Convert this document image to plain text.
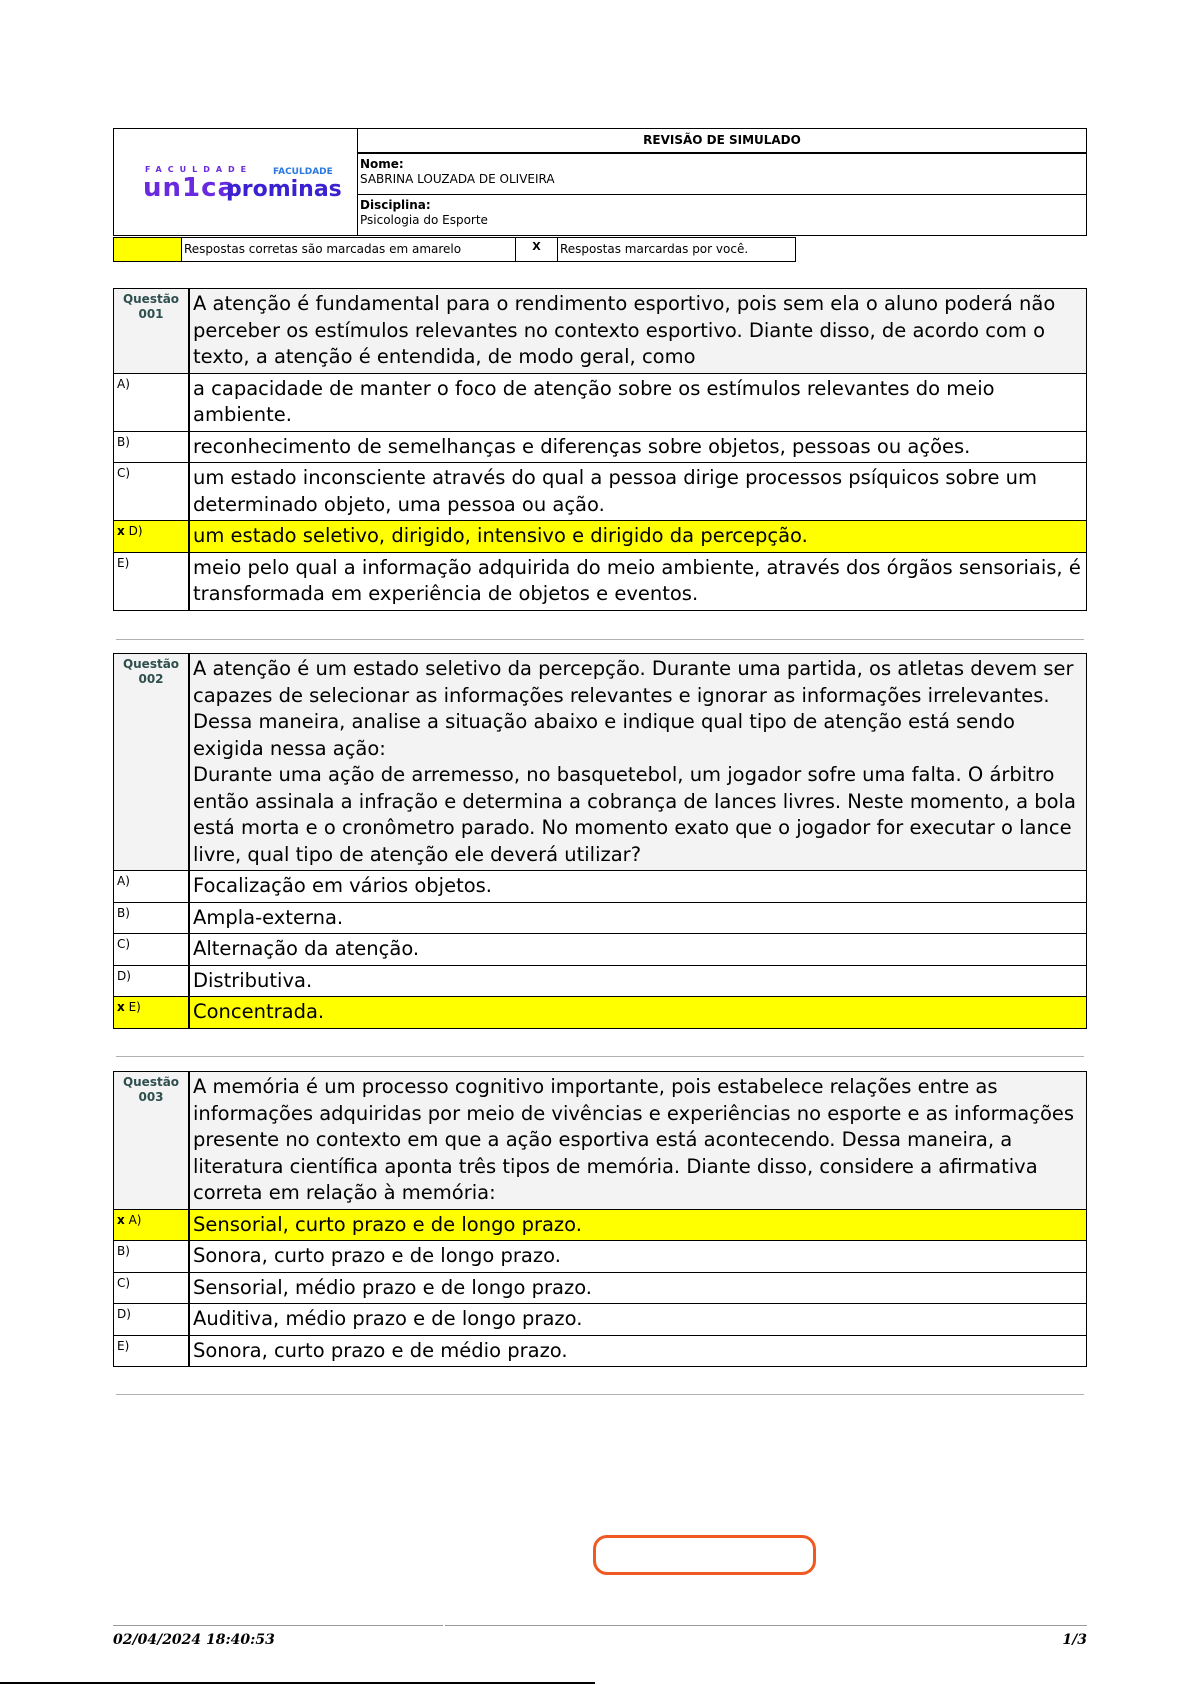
FACULDADE
un1ca
FACULDADE
prominas
REVISÃO DE SIMULADO
Nome:
SABRINA LOUZADA DE OLIVEIRA
Disciplina:
Psicologia do Esporte
Respostas corretas são marcadas em amarelo	X	Respostas marcardas por você.
Questão
001	A atenção é fundamental para o rendimento esportivo, pois sem ela o aluno poderá não perceber os estímulos relevantes no contexto esportivo. Diante disso, de acordo com o texto, a atenção é entendida, de modo geral, como
A)	a capacidade de manter o foco de atenção sobre os estímulos relevantes do meio ambiente.
B)	reconhecimento de semelhanças e diferenças sobre objetos, pessoas ou ações.
C)	um estado inconsciente através do qual a pessoa dirige processos psíquicos sobre um determinado objeto, uma pessoa ou ação.
x D)	um estado seletivo, dirigido, intensivo e dirigido da percepção.
E)	meio pelo qual a informação adquirida do meio ambiente, através dos órgãos sensoriais, é transformada em experiência de objetos e eventos.
Questão
002	A atenção é um estado seletivo da percepção. Durante uma partida, os atletas devem ser capazes de selecionar as informações relevantes e ignorar as informações irrelevantes. Dessa maneira, analise a situação abaixo e indique qual tipo de atenção está sendo exigida nessa ação:
Durante uma ação de arremesso, no basquetebol, um jogador sofre uma falta. O árbitro então assinala a infração e determina a cobrança de lances livres. Neste momento, a bola está morta e o cronômetro parado. No momento exato que o jogador for executar o lance livre, qual tipo de atenção ele deverá utilizar?
A)	Focalização em vários objetos.
B)	Ampla-externa.
C)	Alternação da atenção.
D)	Distributiva.
x E)	Concentrada.
Questão
003	A memória é um processo cognitivo importante, pois estabelece relações entre as informações adquiridas por meio de vivências e experiências no esporte e as informações presente no contexto em que a ação esportiva está acontecendo. Dessa maneira, a literatura científica aponta três tipos de memória. Diante disso, considere a afirmativa correta em relação à memória:
x A)	Sensorial, curto prazo e de longo prazo.
B)	Sonora, curto prazo e de longo prazo.
C)	Sensorial, médio prazo e de longo prazo.
D)	Auditiva, médio prazo e de longo prazo.
E)	Sonora, curto prazo e de médio prazo.
02/04/2024 18:40:53	1/3
